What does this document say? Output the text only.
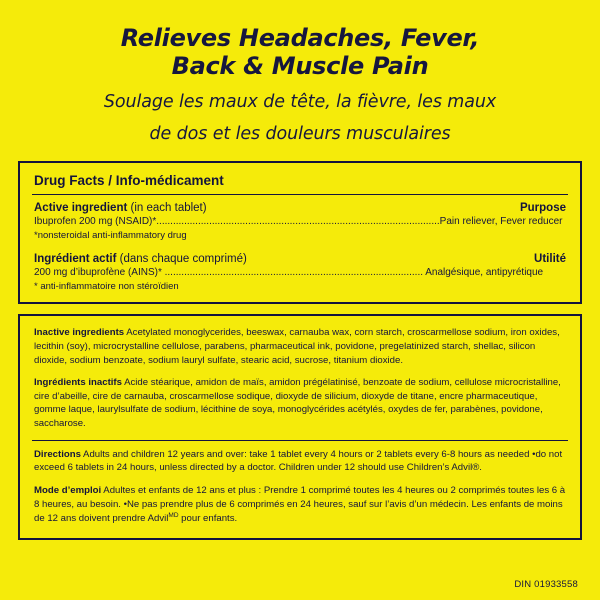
Relieves Headaches, Fever,
Back & Muscle Pain
Soulage les maux de tête, la fièvre, les maux
de dos et les douleurs musculaires
Drug Facts / Info-médicament
Active ingredient (in each tablet)	Purpose
Ibuprofen 200 mg (NSAID)*......................................................................................................Pain reliever, Fever reducer
*nonsteroidal anti-inflammatory drug
Ingrédient actif (dans chaque comprimé)	Utilité
200 mg d’ibuprofène (AINS)* ............................................................................................. Analgésique, antipyrétique
* anti-inflammatoire non stéroïdien

Inactive ingredients Acetylated monoglycerides, beeswax, carnauba wax, corn starch, croscarmellose sodium, iron oxides, lecithin (soy), microcrystalline cellulose, parabens, pharmaceutical ink, povidone, pregelatinized starch, shellac, silicon dioxide, sodium benzoate, sodium lauryl sulfate, stearic acid, sucrose, titanium dioxide.

Ingrédients inactifs Acide stéarique, amidon de maïs, amidon prégélatinisé, benzoate de sodium, cellulose microcristalline, cire d’abeille, cire de carnauba, croscarmellose sodique, dioxyde de silicium, dioxyde de titane, encre pharmaceutique, gomme laque, laurylsulfate de sodium, lécithine de soya, monoglycérides acétylés, oxydes de fer, parabènes, povidone, saccharose.

Directions Adults and children 12 years and over: take 1 tablet every 4 hours or 2 tablets every 6-8 hours as needed •do not exceed 6 tablets in 24 hours, unless directed by a doctor. Children under 12 should use Children’s Advil®.

Mode d’emploi Adultes et enfants de 12 ans et plus : Prendre 1 comprimé toutes les 4 heures ou 2 comprimés toutes les 6 à 8 heures, au besoin. •Ne pas prendre plus de 6 comprimés en 24 heures, sauf sur l’avis d’un médecin. Les enfants de moins de 12 ans doivent prendre Advil$^{MD}$ pour enfants.

DIN 01933558
